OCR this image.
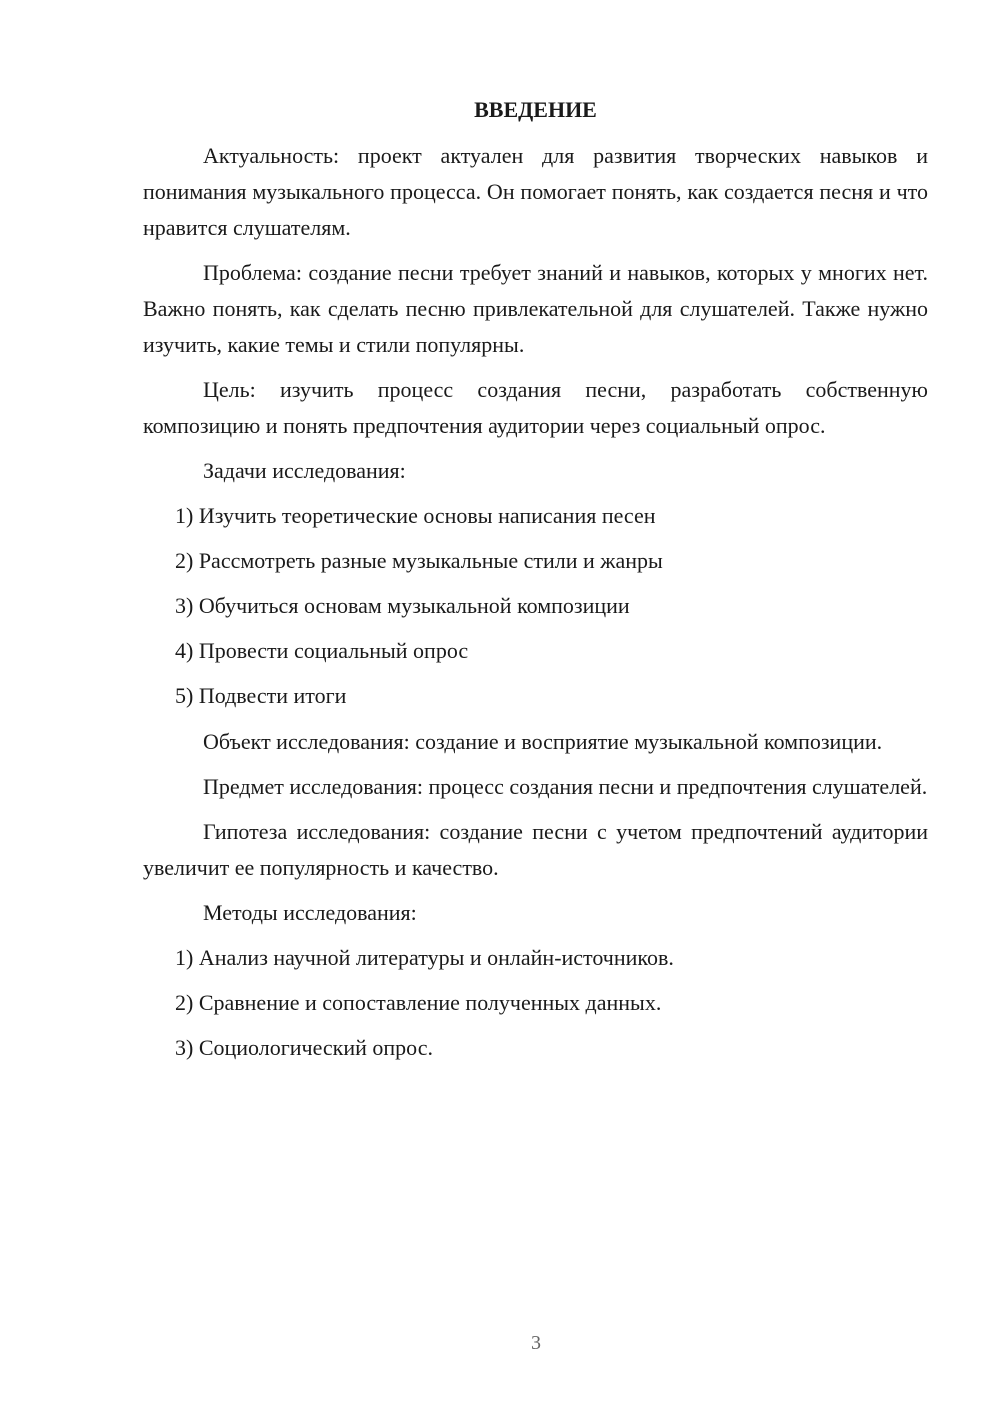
ВВЕДЕНИЕ

Актуальность: проект актуален для развития творческих навыков и понимания музыкального процесса. Он помогает понять, как создается песня и что нравится слушателям.

Проблема: создание песни требует знаний и навыков, которых у многих нет. Важно понять, как сделать песню привлекательной для слушателей. Также нужно изучить, какие темы и стили популярны.

Цель: изучить процесс создания песни, разработать собственную композицию и понять предпочтения аудитории через социальный опрос.

Задачи исследования:

1) Изучить теоретические основы написания песен

2) Рассмотреть разные музыкальные стили и жанры

3) Обучиться основам музыкальной композиции

4) Провести социальный опрос

5) Подвести итоги

Объект исследования: создание и восприятие музыкальной композиции.

Предмет исследования: процесс создания песни и предпочтения слушателей.

Гипотеза исследования: создание песни с учетом предпочтений аудитории увеличит ее популярность и качество.

Методы исследования:

1) Анализ научной литературы и онлайн-источников.

2) Сравнение и сопоставление полученных данных.

3) Социологический опрос.

3
